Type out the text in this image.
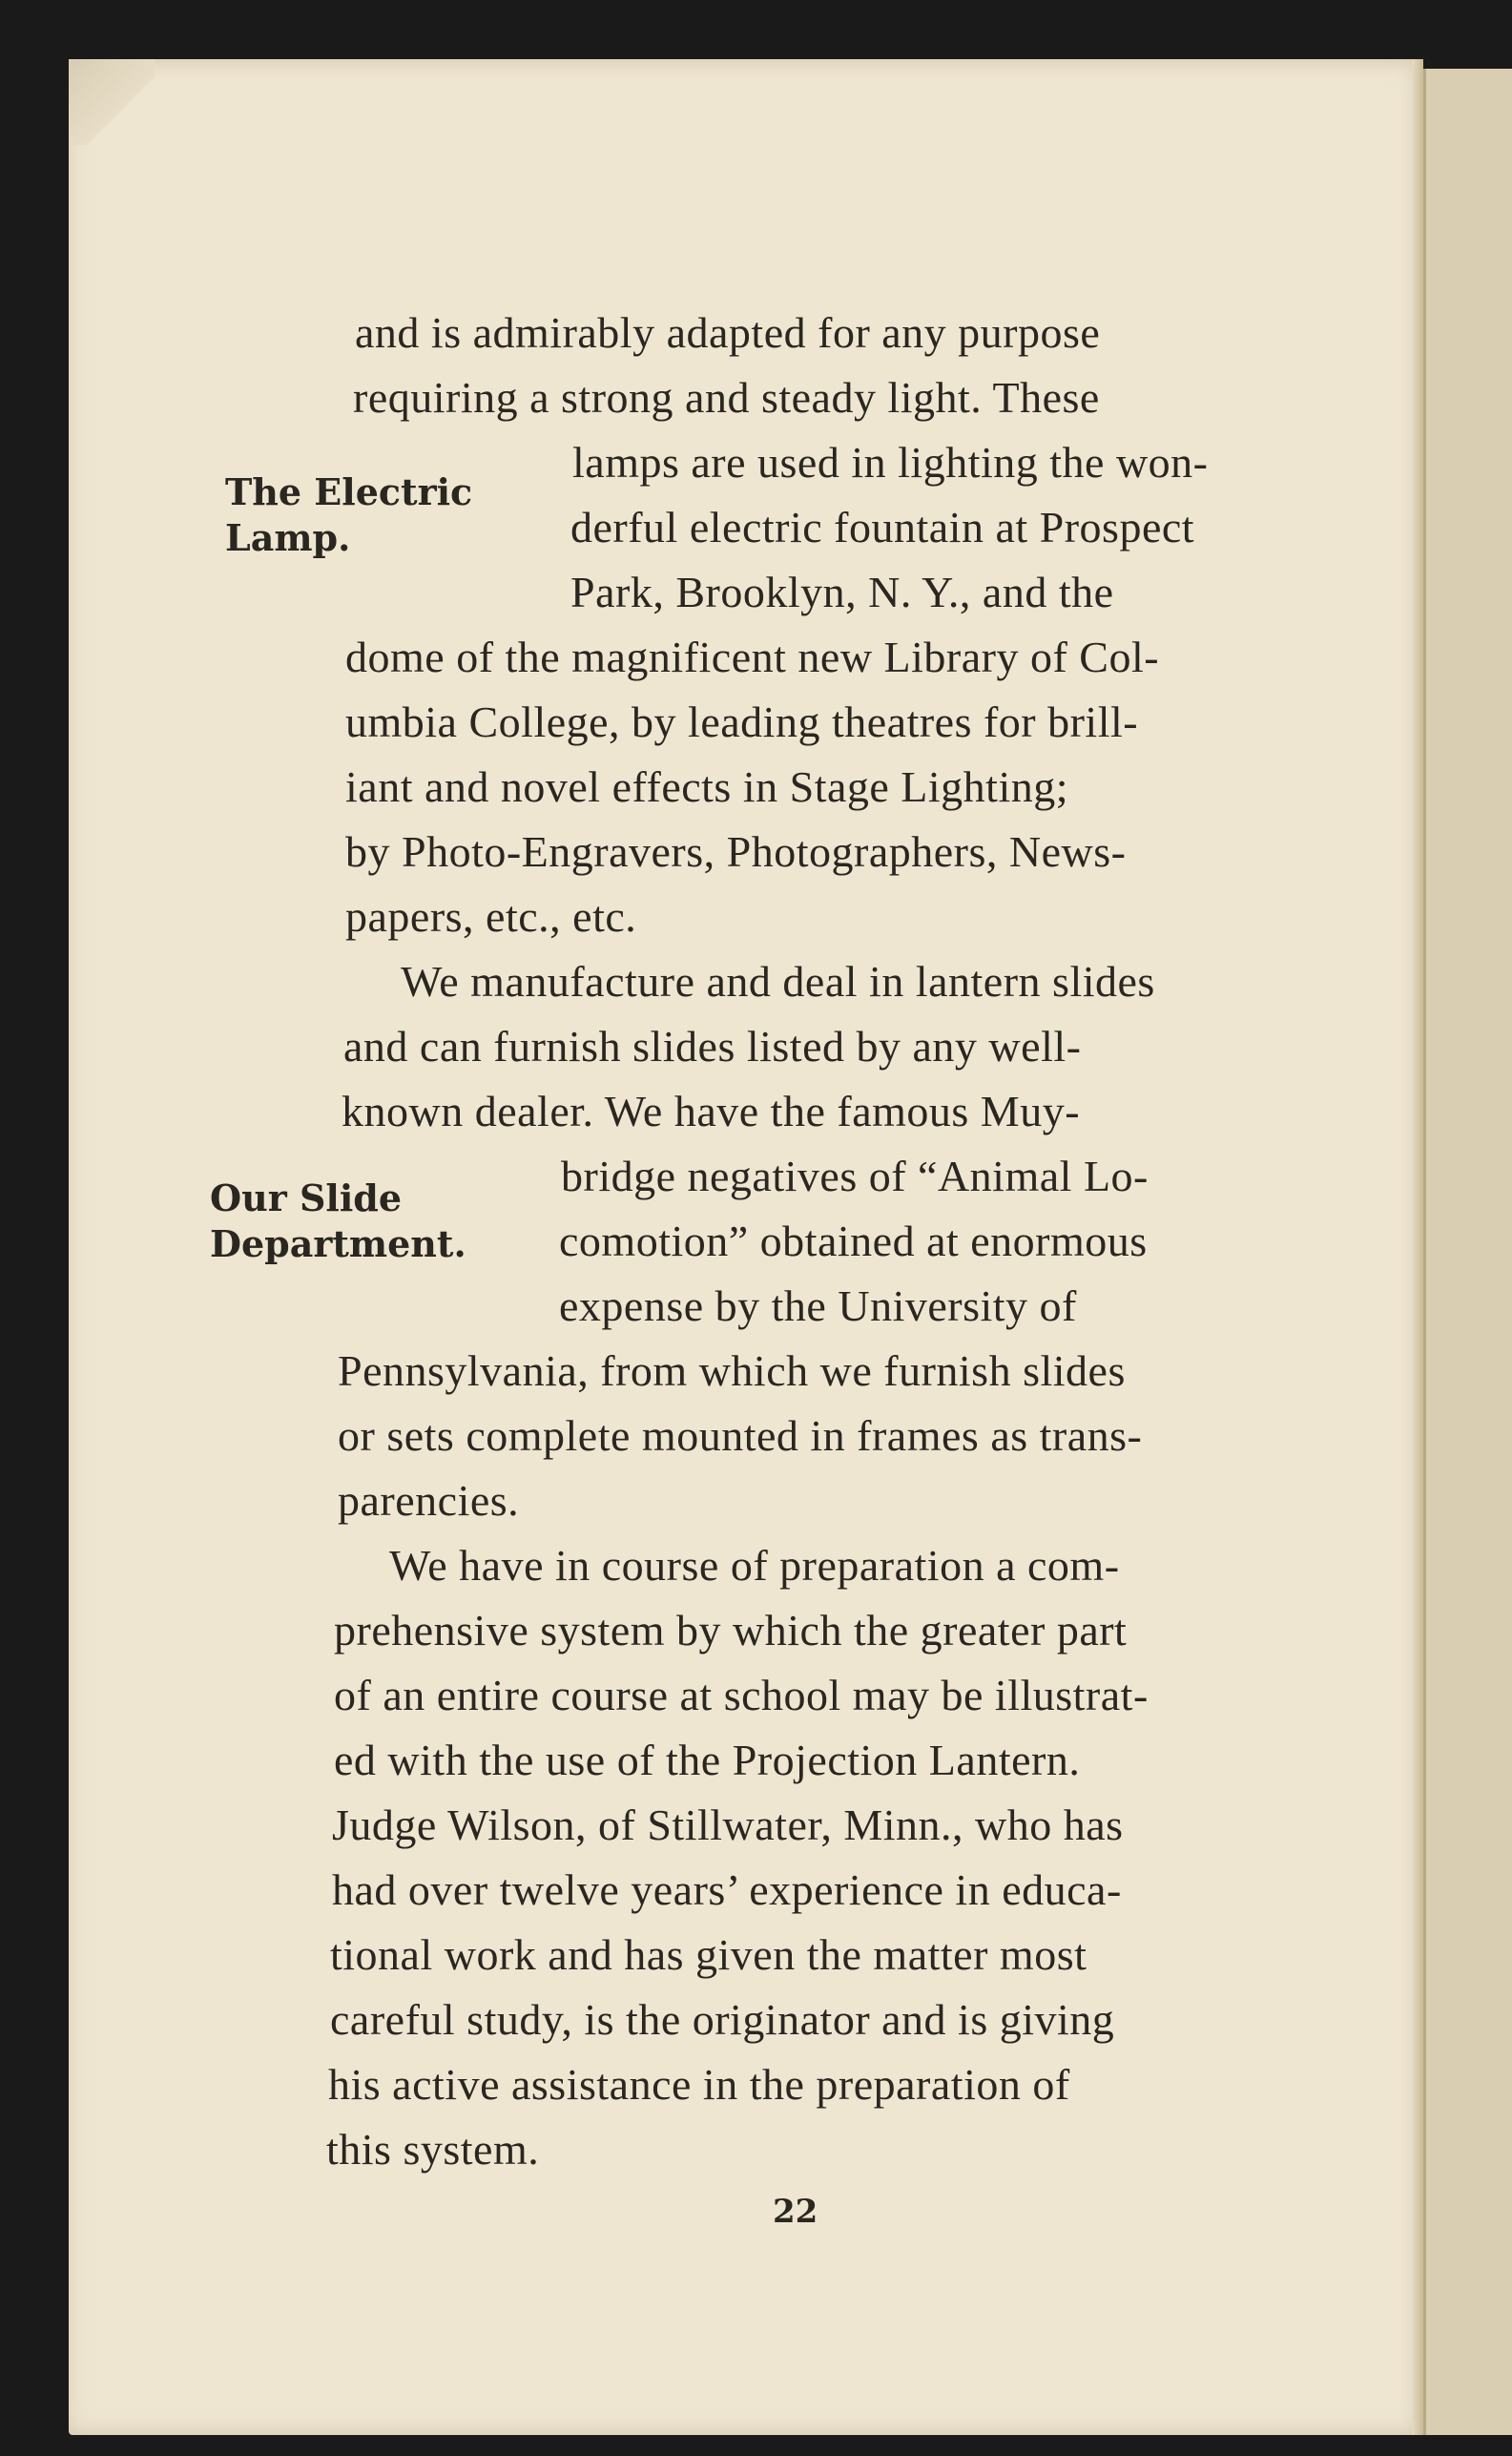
The Electric
Lamp.
Our Slide
Department.
and is admirably adapted for any purpose
requiring a strong and steady light. These
lamps are used in lighting the won-
derful electric fountain at Prospect
Park, Brooklyn, N. Y., and the
dome of the magnificent new Library of Col-
umbia College, by leading theatres for brill-
iant and novel effects in Stage Lighting;
by Photo-Engravers, Photographers, News-
papers, etc., etc.
We manufacture and deal in lantern slides
and can furnish slides listed by any well-
known dealer. We have the famous Muy-
bridge negatives of “Animal Lo-
comotion” obtained at enormous
expense by the University of
Pennsylvania, from which we furnish slides
or sets complete mounted in frames as trans-
parencies.
We have in course of preparation a com-
prehensive system by which the greater part
of an entire course at school may be illustrat-
ed with the use of the Projection Lantern.
Judge Wilson, of Stillwater, Minn., who has
had over twelve years’ experience in educa-
tional work and has given the matter most
careful study, is the originator and is giving
his active assistance in the preparation of
this system.
22
